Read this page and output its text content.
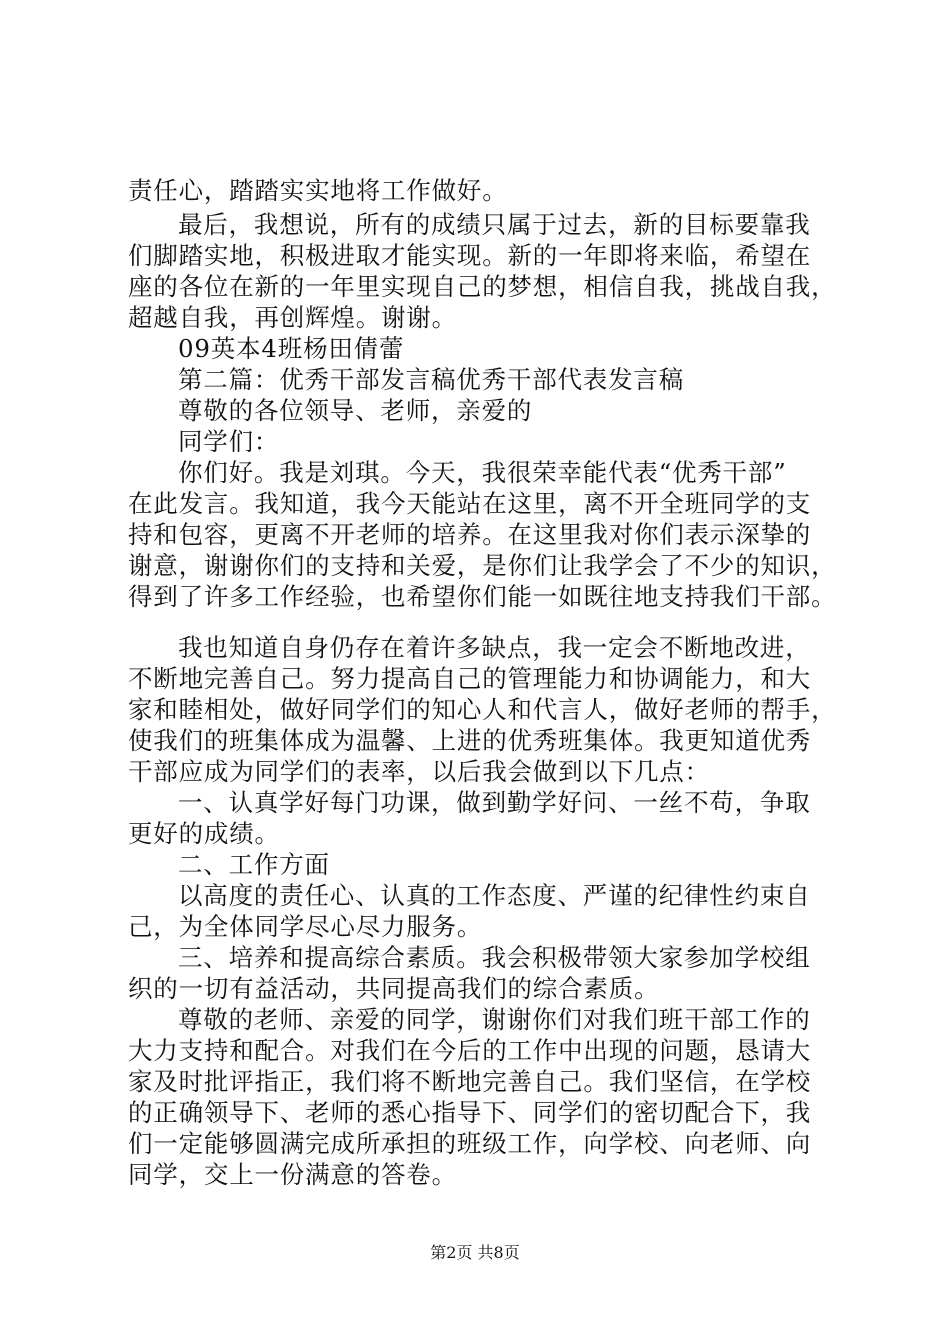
责任心，踏踏实实地将工作做好。
最后，我想说，所有的成绩只属于过去，新的目标要靠我
们脚踏实地，积极进取才能实现。新的一年即将来临，希望在
座的各位在新的一年里实现自己的梦想，相信自我，挑战自我，
超越自我，再创辉煌。谢谢。
09英本4班杨田倩蕾
第二篇：优秀干部发言稿优秀干部代表发言稿
尊敬的各位领导、老师，亲爱的
同学们：
你们好。我是刘琪。今天，我很荣幸能代表“优秀干部”
在此发言。我知道，我今天能站在这里，离不开全班同学的支
持和包容，更离不开老师的培养。在这里我对你们表示深挚的
谢意，谢谢你们的支持和关爱，是你们让我学会了不少的知识，
得到了许多工作经验，也希望你们能一如既往地支持我们干部。
我也知道自身仍存在着许多缺点，我一定会不断地改进，
不断地完善自己。努力提高自己的管理能力和协调能力，和大
家和睦相处，做好同学们的知心人和代言人，做好老师的帮手，
使我们的班集体成为温馨、上进的优秀班集体。我更知道优秀
干部应成为同学们的表率，以后我会做到以下几点：
一、认真学好每门功课，做到勤学好问、一丝不苟，争取
更好的成绩。
二、工作方面
以高度的责任心、认真的工作态度、严谨的纪律性约束自
己，为全体同学尽心尽力服务。
三、培养和提高综合素质。我会积极带领大家参加学校组
织的一切有益活动，共同提高我们的综合素质。
尊敬的老师、亲爱的同学，谢谢你们对我们班干部工作的
大力支持和配合。对我们在今后的工作中出现的问题，恳请大
家及时批评指正，我们将不断地完善自己。我们坚信，在学校
的正确领导下、老师的悉心指导下、同学们的密切配合下，我
们一定能够圆满完成所承担的班级工作，向学校、向老师、向
同学，交上一份满意的答卷。
第2页 共8页
